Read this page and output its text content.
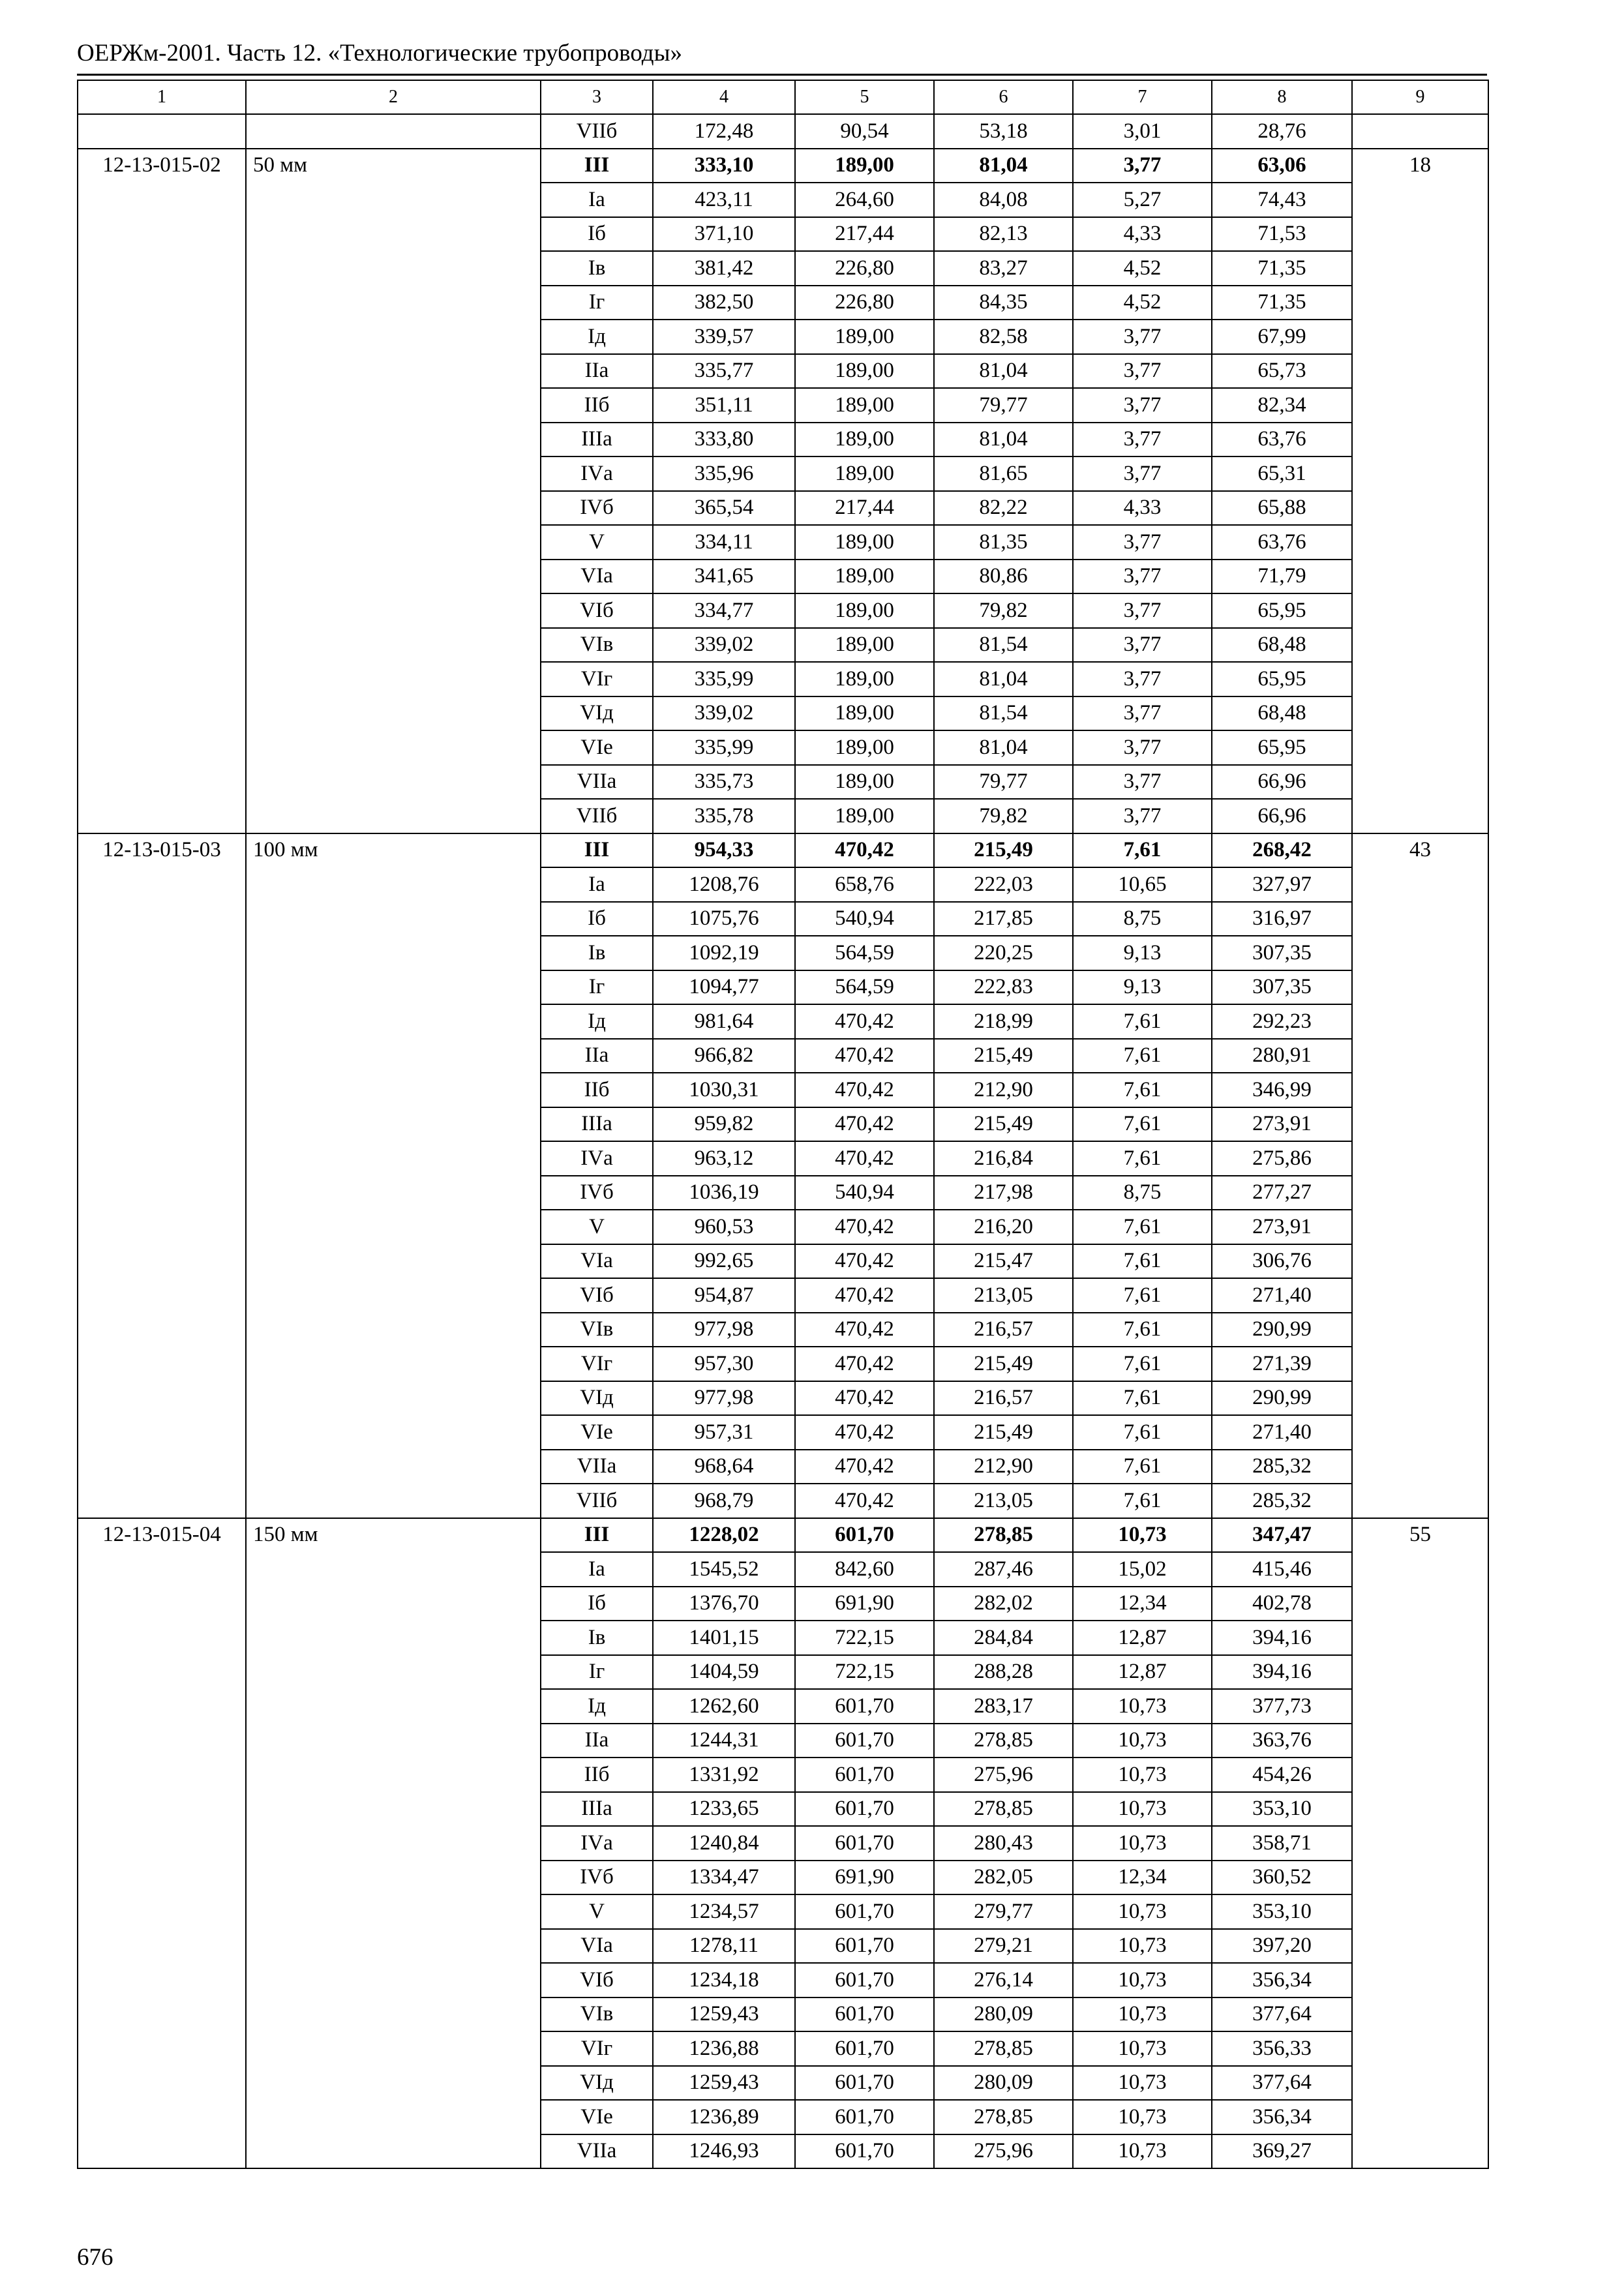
ОЕРЖм-2001. Часть 12. «Технологические трубопроводы»
1	2	3	4	5	6	7	8	9
		VIIб	172,48	90,54	53,18	3,01	28,76	
12-13-015-02	50 мм	III	333,10	189,00	81,04	3,77	63,06	18
		Iа	423,11	264,60	84,08	5,27	74,43	
		Iб	371,10	217,44	82,13	4,33	71,53	
		Iв	381,42	226,80	83,27	4,52	71,35	
		Iг	382,50	226,80	84,35	4,52	71,35	
		Iд	339,57	189,00	82,58	3,77	67,99	
		IIа	335,77	189,00	81,04	3,77	65,73	
		IIб	351,11	189,00	79,77	3,77	82,34	
		IIIа	333,80	189,00	81,04	3,77	63,76	
		IVа	335,96	189,00	81,65	3,77	65,31	
		IVб	365,54	217,44	82,22	4,33	65,88	
		V	334,11	189,00	81,35	3,77	63,76	
		VIа	341,65	189,00	80,86	3,77	71,79	
		VIб	334,77	189,00	79,82	3,77	65,95	
		VIв	339,02	189,00	81,54	3,77	68,48	
		VIг	335,99	189,00	81,04	3,77	65,95	
		VIд	339,02	189,00	81,54	3,77	68,48	
		VIе	335,99	189,00	81,04	3,77	65,95	
		VIIа	335,73	189,00	79,77	3,77	66,96	
		VIIб	335,78	189,00	79,82	3,77	66,96	
12-13-015-03	100 мм	III	954,33	470,42	215,49	7,61	268,42	43
		Iа	1208,76	658,76	222,03	10,65	327,97	
		Iб	1075,76	540,94	217,85	8,75	316,97	
		Iв	1092,19	564,59	220,25	9,13	307,35	
		Iг	1094,77	564,59	222,83	9,13	307,35	
		Iд	981,64	470,42	218,99	7,61	292,23	
		IIа	966,82	470,42	215,49	7,61	280,91	
		IIб	1030,31	470,42	212,90	7,61	346,99	
		IIIа	959,82	470,42	215,49	7,61	273,91	
		IVа	963,12	470,42	216,84	7,61	275,86	
		IVб	1036,19	540,94	217,98	8,75	277,27	
		V	960,53	470,42	216,20	7,61	273,91	
		VIа	992,65	470,42	215,47	7,61	306,76	
		VIб	954,87	470,42	213,05	7,61	271,40	
		VIв	977,98	470,42	216,57	7,61	290,99	
		VIг	957,30	470,42	215,49	7,61	271,39	
		VIд	977,98	470,42	216,57	7,61	290,99	
		VIе	957,31	470,42	215,49	7,61	271,40	
		VIIа	968,64	470,42	212,90	7,61	285,32	
		VIIб	968,79	470,42	213,05	7,61	285,32	
12-13-015-04	150 мм	III	1228,02	601,70	278,85	10,73	347,47	55
		Iа	1545,52	842,60	287,46	15,02	415,46	
		Iб	1376,70	691,90	282,02	12,34	402,78	
		Iв	1401,15	722,15	284,84	12,87	394,16	
		Iг	1404,59	722,15	288,28	12,87	394,16	
		Iд	1262,60	601,70	283,17	10,73	377,73	
		IIа	1244,31	601,70	278,85	10,73	363,76	
		IIб	1331,92	601,70	275,96	10,73	454,26	
		IIIа	1233,65	601,70	278,85	10,73	353,10	
		IVа	1240,84	601,70	280,43	10,73	358,71	
		IVб	1334,47	691,90	282,05	12,34	360,52	
		V	1234,57	601,70	279,77	10,73	353,10	
		VIа	1278,11	601,70	279,21	10,73	397,20	
		VIб	1234,18	601,70	276,14	10,73	356,34	
		VIв	1259,43	601,70	280,09	10,73	377,64	
		VIг	1236,88	601,70	278,85	10,73	356,33	
		VIд	1259,43	601,70	280,09	10,73	377,64	
		VIе	1236,89	601,70	278,85	10,73	356,34	
		VIIа	1246,93	601,70	275,96	10,73	369,27	
676
